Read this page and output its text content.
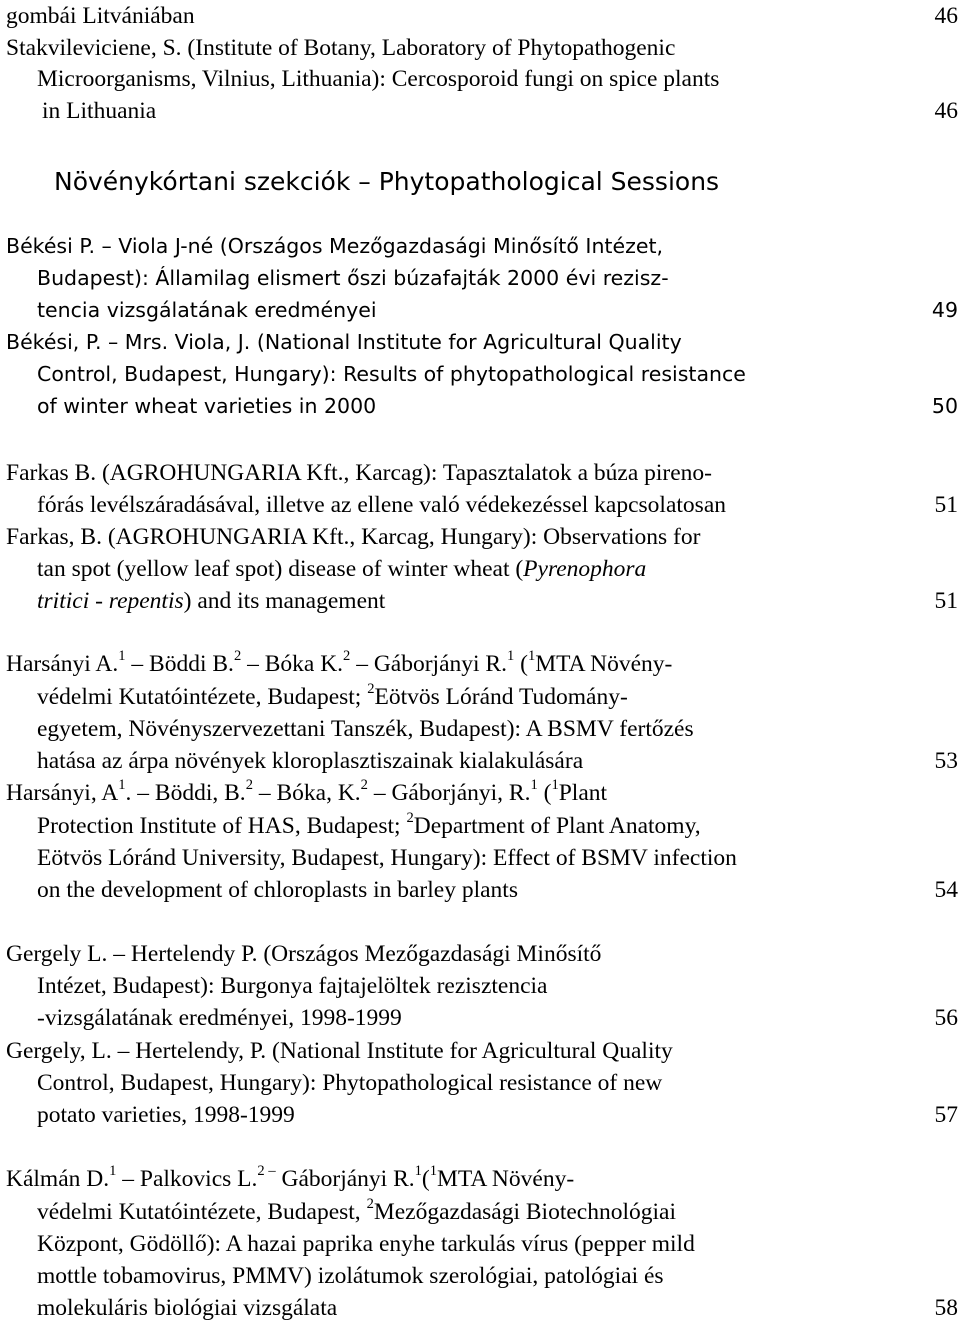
gombái Litvániában	46
Stakvileviciene, S. (Institute of Botany, Laboratory of Phytopathogenic
Microorganisms, Vilnius, Lithuania): Cercosporoid fungi on spice plants
in Lithuania	46
Növénykórtani szekciók – Phytopathological Sessions
Békési P. – Viola J-né (Országos Mezőgazdasági Minősítő Intézet,
Budapest): Államilag elismert őszi búzafajták 2000 évi rezisz-
tencia vizsgálatának eredményei	49
Békési, P. – Mrs. Viola, J. (National Institute for Agricultural Quality
Control, Budapest, Hungary): Results of phytopathological resistance
of winter wheat varieties in 2000	50
Farkas B. (AGROHUNGARIA Kft., Karcag): Tapasztalatok a búza pireno-
fórás levélszáradásával, illetve az ellene való védekezéssel kapcsolatosan	51
Farkas, B. (AGROHUNGARIA Kft., Karcag, Hungary): Observations for
tan spot (yellow leaf spot) disease of winter wheat (Pyrenophora
tritici - repentis) and its management	51
Harsányi A.$^1$ – Böddi B.$^2$ – Bóka K.$^2$ – Gáborjányi R.$^1$ ($^1$MTA Növény-
védelmi Kutatóintézete, Budapest; $^2$Eötvös Lóránd Tudomány-
egyetem, Növényszervezettani Tanszék, Budapest): A BSMV fertőzés
hatása az árpa növények kloroplasztiszainak kialakulására	53
Harsányi, $A^1$. – Böddi, B.$^2$ – Bóka, K.$^2$ – Gáborjányi, R.$^1$ ($^1$Plant
Protection Institute of HAS, Budapest; $^2$Department of Plant Anatomy,
Eötvös Lóránd University, Budapest, Hungary): Effect of BSMV infection
on the development of chloroplasts in barley plants	54
Gergely L. – Hertelendy P. (Országos Mezőgazdasági Minősítő
Intézet, Budapest): Burgonya fajtajelöltek rezisztencia
-vizsgálatának eredményei, 1998-1999	56
Gergely, L. – Hertelendy, P. (National Institute for Agricultural Quality
Control, Budapest, Hungary): Phytopathological resistance of new
potato varieties, 1998-1999	57
Kálmán D.$^1$ – Palkovics L.$^{2 -}$ Gáborjányi R.$^1$($^1$MTA Növény-
védelmi Kutatóintézete, Budapest, $^2$Mezőgazdasági Biotechnológiai
Központ, Gödöllő): A hazai paprika enyhe tarkulás vírus (pepper mild
mottle tobamovirus, PMMV) izolátumok szerológiai, patológiai és
molekuláris biológiai vizsgálata	58
